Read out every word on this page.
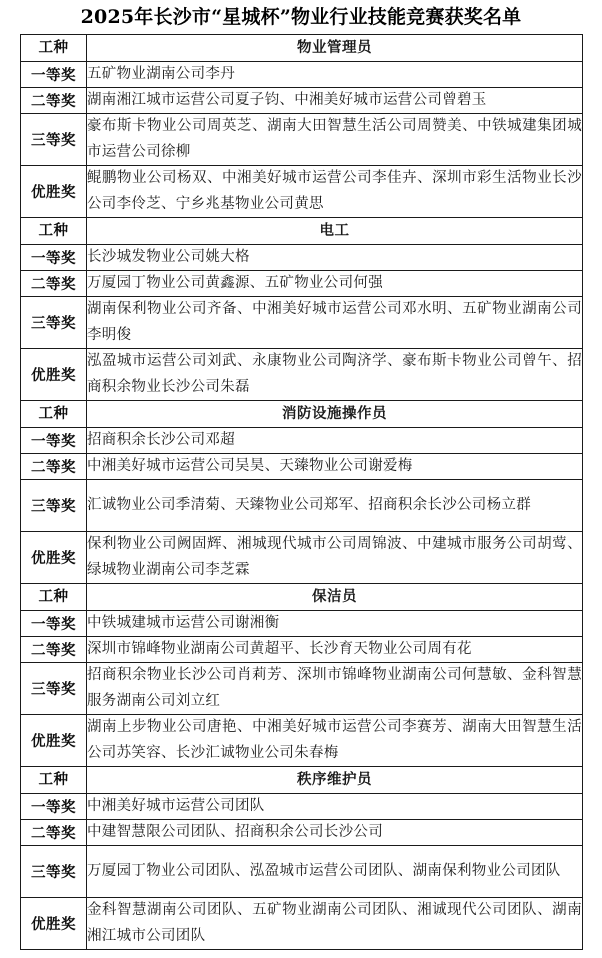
2025年长沙市“星城杯”物业行业技能竞赛获奖名单
工种	物业管理员
一等奖	五矿物业湖南公司李丹

二等奖	湖南湘江城市运营公司夏子钧、中湘美好城市运营公司曾碧玉

三等奖	豪布斯卡物业公司周英芝、湖南大田智慧生活公司周赞美、中铁城建集团城市运营公司徐柳

优胜奖	鲲鹏物业公司杨双、中湘美好城市运营公司李佳卉、深圳市彩生活物业长沙公司李伶芝、宁乡兆基物业公司黄思

工种	电工
一等奖	长沙城发物业公司姚大格

二等奖	万厦园丁物业公司黄鑫源、五矿物业公司何强

三等奖	湖南保利物业公司齐备、中湘美好城市运营公司邓水明、五矿物业湖南公司李明俊

优胜奖	泓盈城市运营公司刘武、永康物业公司陶济学、豪布斯卡物业公司曾午、招商积余物业长沙公司朱磊

工种	消防设施操作员
一等奖	招商积余长沙公司邓超

二等奖	中湘美好城市运营公司吴昊、天臻物业公司谢爱梅

三等奖	汇诚物业公司季清菊、天臻物业公司郑军、招商积余长沙公司杨立群

优胜奖	保利物业公司阙固辉、湘城现代城市公司周锦波、中建城市服务公司胡莺、绿城物业湖南公司李芝霖

工种	保洁员
一等奖	中铁城建城市运营公司谢湘衡

二等奖	深圳市锦峰物业湖南公司黄超平、长沙育天物业公司周有花

三等奖	招商积余物业长沙公司肖莉芳、深圳市锦峰物业湖南公司何慧敏、金科智慧服务湖南公司刘立红

优胜奖	湖南上步物业公司唐艳、中湘美好城市运营公司李赛芳、湖南大田智慧生活公司苏笑容、长沙汇诚物业公司朱春梅

工种	秩序维护员
一等奖	中湘美好城市运营公司团队

二等奖	中建智慧限公司团队、招商积余公司长沙公司

三等奖	万厦园丁物业公司团队、泓盈城市运营公司团队、湖南保利物业公司团队

优胜奖	金科智慧湖南公司团队、五矿物业湖南公司团队、湘诚现代公司团队、湖南湘江城市公司团队
